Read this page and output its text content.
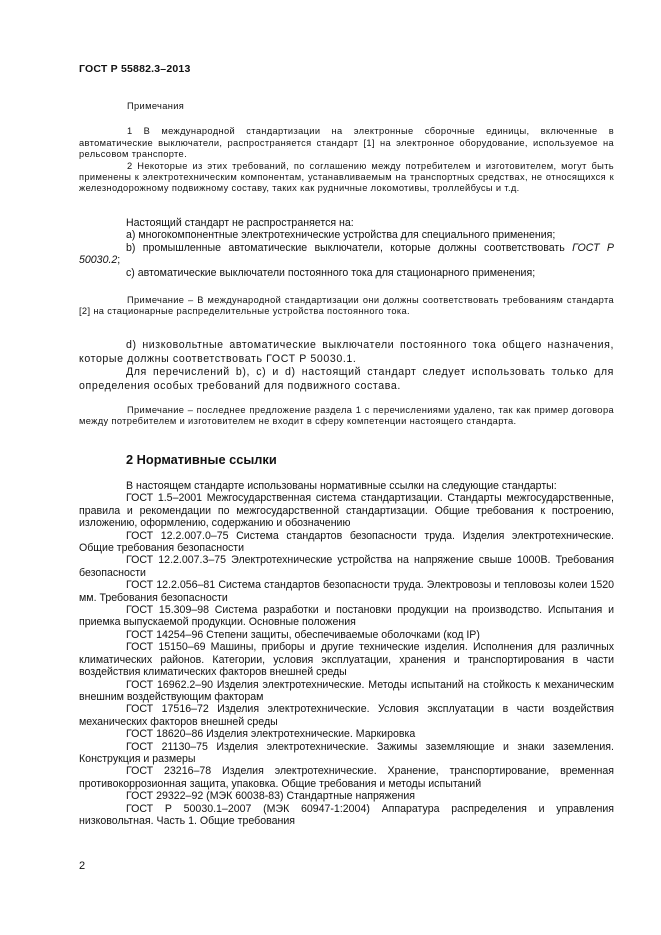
ГОСТ Р 55882.3–2013

Примечания

1 В международной стандартизации на электронные сборочные единицы, включенные в автоматические выключатели, распространяется стандарт [1] на электронное оборудование, используемое на рельсовом транспорте.

2 Некоторые из этих требований, по соглашению между потребителем и изготовителем, могут быть применены к электротехническим компонентам, устанавливаемым на транспортных средствах, не относящихся к железнодорожному подвижному составу, таких как рудничные локомотивы, троллейбусы и т.д.

Настоящий стандарт не распространяется на:

а) многокомпонентные электротехнические устройства для специального применения;

b) промышленные автоматические выключатели, которые должны соответствовать ГОСТ Р 50030.2;

с) автоматические выключатели постоянного тока для стационарного применения;

Примечание – В международной стандартизации они должны соответствовать требованиям стандарта [2] на стационарные распределительные устройства постоянного тока.

d) низковольтные автоматические выключатели постоянного тока общего назначения, которые должны соответствовать ГОСТ Р 50030.1.

Для перечислений b), c) и d) настоящий стандарт следует использовать только для определения особых требований для подвижного состава.

Примечание – последнее предложение раздела 1 с перечислениями удалено, так как пример договора между потребителем и изготовителем не входит в сферу компетенции настоящего стандарта.

2 Нормативные ссылки

В настоящем стандарте использованы нормативные ссылки на следующие стандарты:

ГОСТ 1.5–2001 Межгосударственная система стандартизации. Стандарты межгосударственные, правила и рекомендации по межгосударственной стандартизации. Общие требования к построению, изложению, оформлению, содержанию и обозначению

ГОСТ 12.2.007.0–75 Система стандартов безопасности труда. Изделия электротехнические. Общие требования безопасности

ГОСТ 12.2.007.3–75 Электротехнические устройства на напряжение свыше 1000В. Требования безопасности

ГОСТ 12.2.056–81 Система стандартов безопасности труда. Электровозы и тепловозы колеи 1520 мм. Требования безопасности

ГОСТ 15.309–98 Система разработки и постановки продукции на производство. Испытания и приемка выпускаемой продукции. Основные положения

ГОСТ 14254–96 Степени защиты, обеспечиваемые оболочками (код IP)

ГОСТ 15150–69 Машины, приборы и другие технические изделия. Исполнения для различных климатических районов. Категории, условия эксплуатации, хранения и транспортирования в части воздействия климатических факторов внешней среды

ГОСТ 16962.2–90 Изделия электротехнические. Методы испытаний на стойкость к механическим внешним воздействующим факторам

ГОСТ 17516–72 Изделия электротехнические. Условия эксплуатации в части воздействия механических факторов внешней среды

ГОСТ 18620–86 Изделия электротехнические. Маркировка

ГОСТ 21130–75 Изделия электротехнические. Зажимы заземляющие и знаки заземления. Конструкция и размеры

ГОСТ 23216–78 Изделия электротехнические. Хранение, транспортирование, временная противокоррозионная защита, упаковка. Общие требования и методы испытаний

ГОСТ 29322–92 (МЭК 60038-83) Стандартные напряжения

ГОСТ Р 50030.1–2007 (МЭК 60947-1:2004) Аппаратура распределения и управления низковольтная. Часть 1. Общие требования

2
